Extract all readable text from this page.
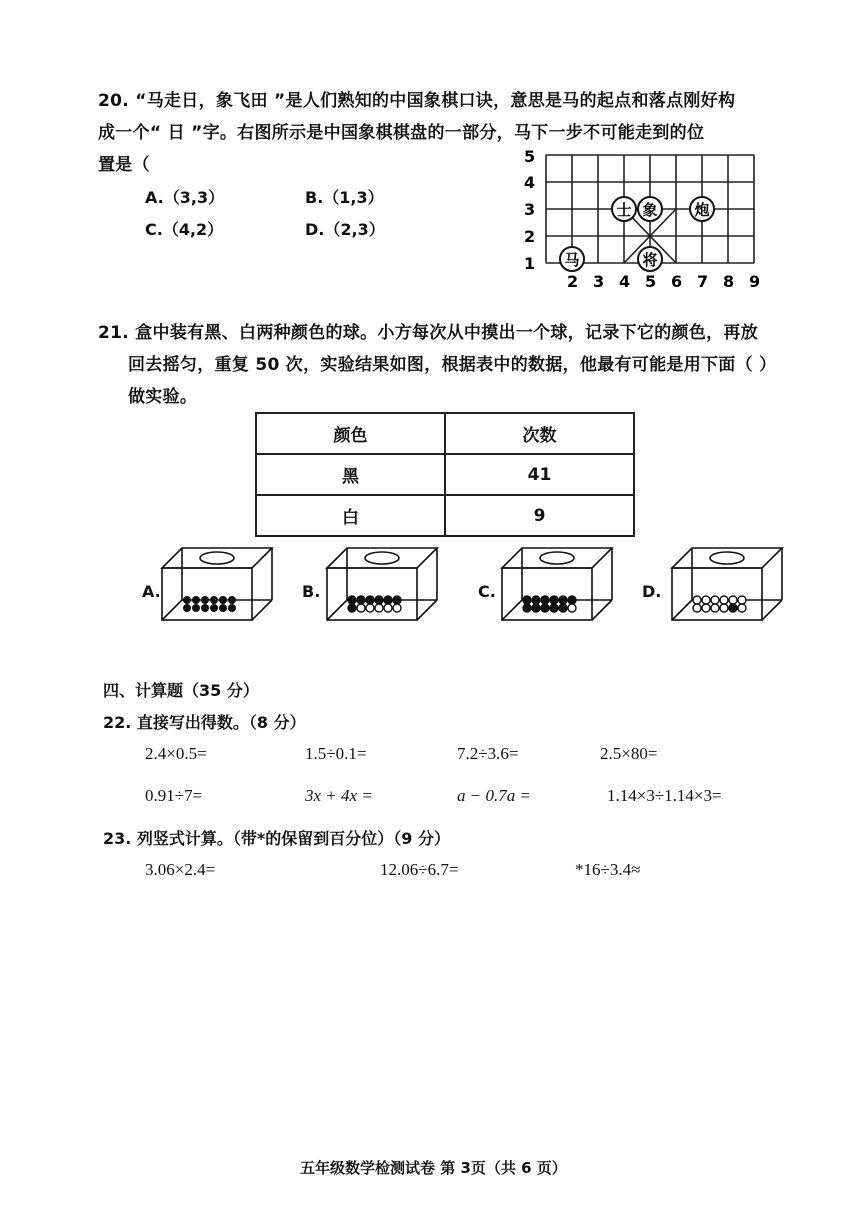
20. “马走日，象飞田 ”是人们熟知的中国象棋口诀，意思是马的起点和落点刚好构
成一个“ 日 ”字。右图所示是中国象棋棋盘的一部分，马下一步不可能走到的位
置是（
A.（3,3）	B.（1,3）
C.（4,2）	D.（2,3）
5
4
3
2
1
2 3 4 5 6 7 8 9
马
士 象 炮
将
21. 盒中装有黑、白两种颜色的球。小方每次从中摸出一个球，记录下它的颜色，再放
回去摇匀，重复 50 次，实验结果如图，根据表中的数据，他最有可能是用下面（ ）
做实验。
颜色	次数
黑	41
白	9
A.	B.	C.	D.
四、计算题（35 分）
22. 直接写出得数。（8 分）
2.4×0.5=	1.5÷0.1=	7.2÷3.6=	2.5×80=
0.91÷7=	3x + 4x =	a − 0.7a =	1.14×3÷1.14×3=
23. 列竖式计算。（带*的保留到百分位）（9 分）
3.06×2.4=	12.06÷6.7=	*16÷3.4≈
五年级数学检测试卷 第 3页（共 6 页）
